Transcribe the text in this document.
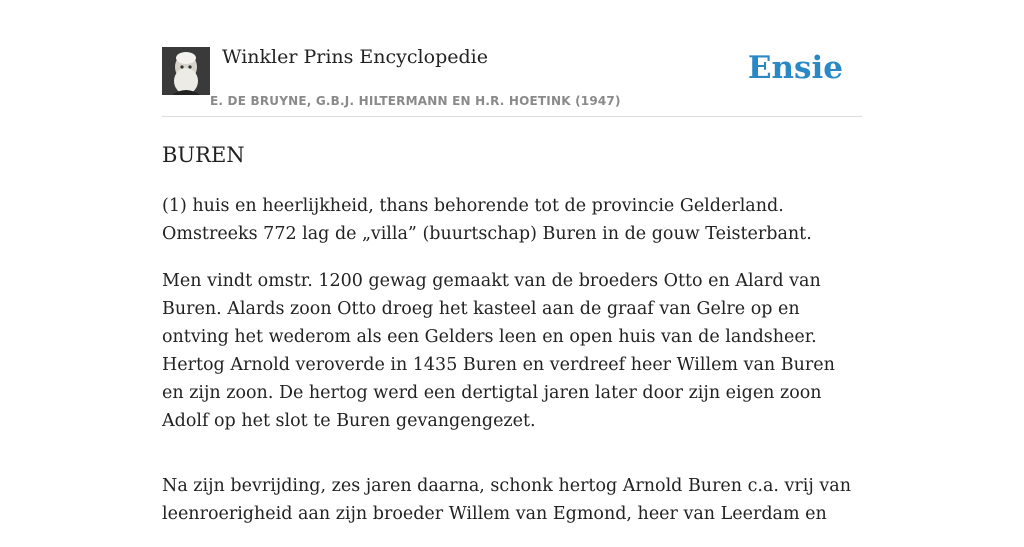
Winkler Prins Encyclopedie
E. DE BRUYNE, G.B.J. HILTERMANN EN H.R. HOETINK (1947)
Ensie
BUREN

(1) huis en heerlijkheid, thans behorende tot de provincie Gelderland. Omstreeks 772 lag de „villa” (buurtschap) Buren in de gouw Teisterbant.

Men vindt omstr. 1200 gewag gemaakt van de broeders Otto en Alard van Buren. Alards zoon Otto droeg het kasteel aan de graaf van Gelre op en ontving het wederom als een Gelders leen en open huis van de landsheer. Hertog Arnold veroverde in 1435 Buren en verdreef heer Willem van Buren en zijn zoon. De hertog werd een dertigtal jaren later door zijn eigen zoon Adolf op het slot te Buren gevangengezet.

Na zijn bevrijding, zes jaren daarna, schonk hertog Arnold Buren c.a. vrij van leenroerigheid aan zijn broeder Willem van Egmond, heer van Leerdam en
